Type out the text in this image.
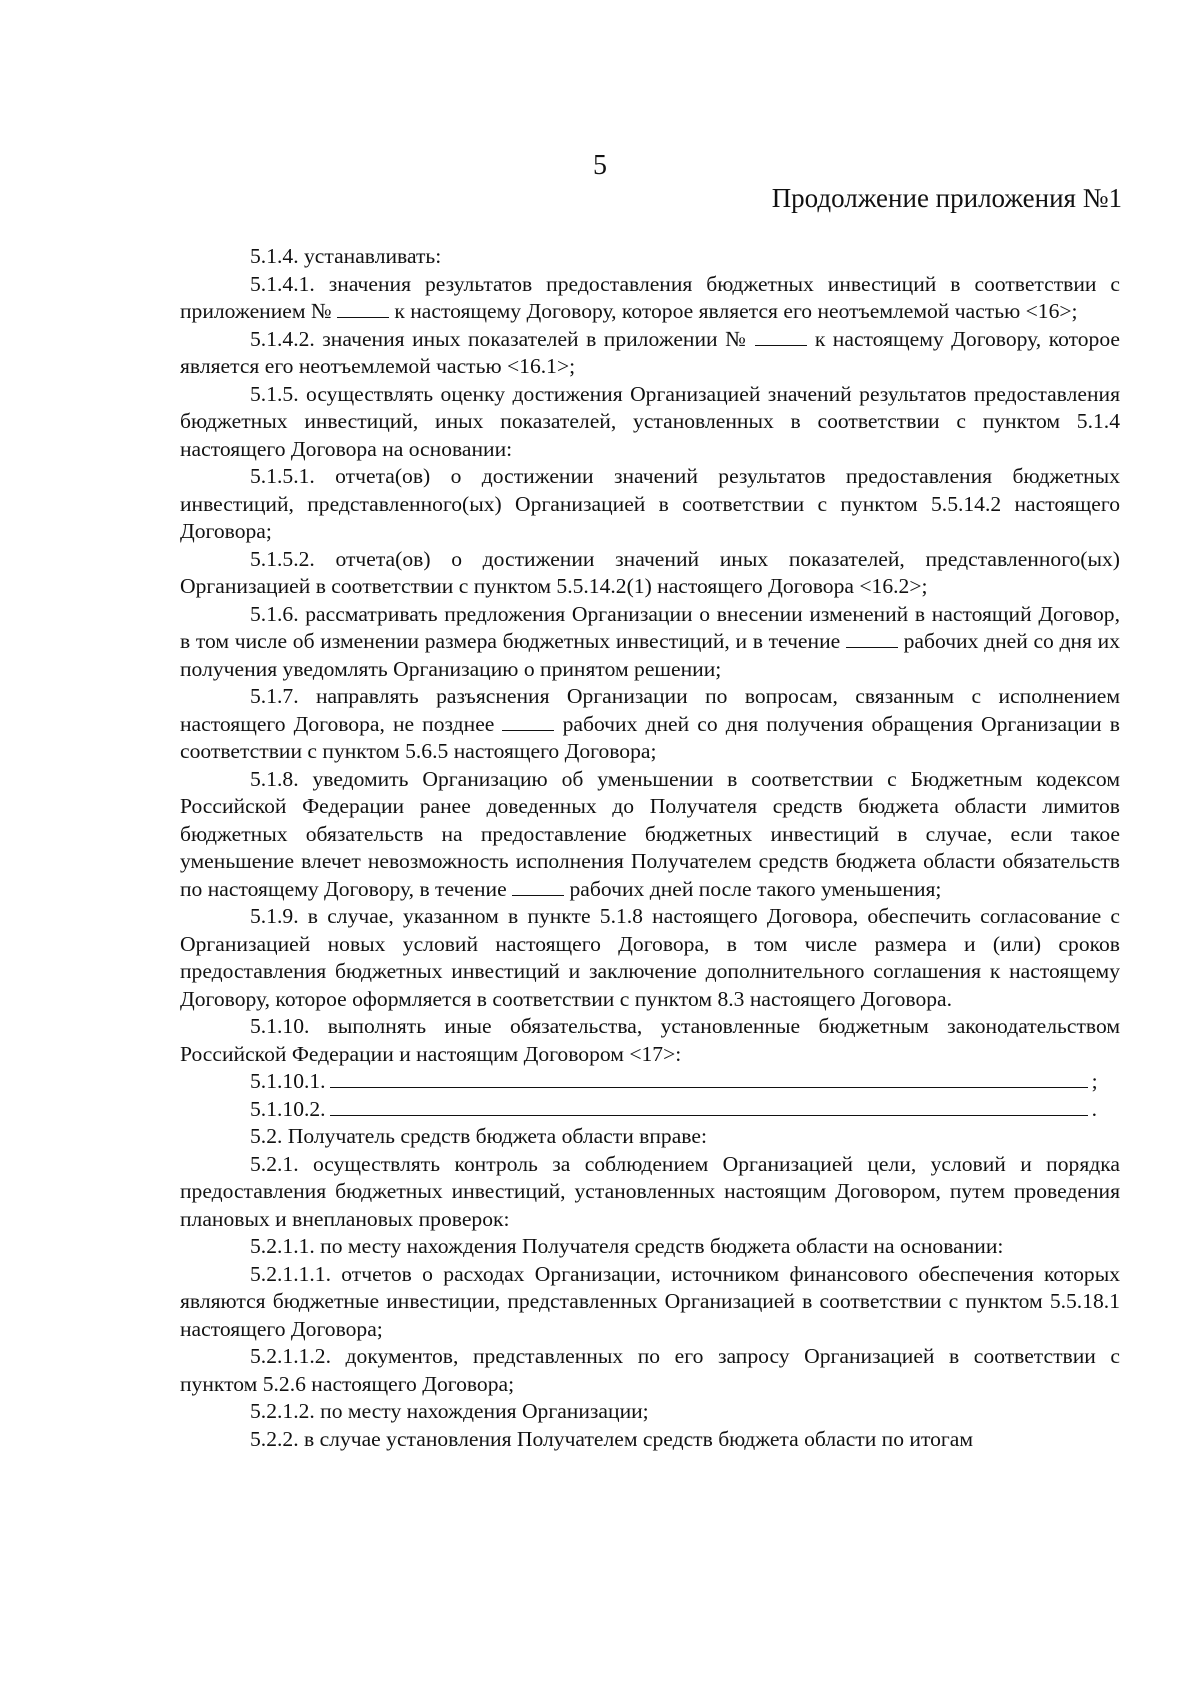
5
Продолжение приложения №1

5.1.4. устанавливать:

5.1.4.1. значения результатов предоставления бюджетных инвестиций в соответствии с приложением №	к настоящему Договору, которое является его неотъемлемой частью <16>;

5.1.4.2. значения иных показателей в приложении №	к настоящему Договору, которое является его неотъемлемой частью <16.1>;

5.1.5. осуществлять оценку достижения Организацией значений результатов предоставления бюджетных инвестиций, иных показателей, установленных в соответствии с пунктом 5.1.4 настоящего Договора на основании:

5.1.5.1. отчета(ов) о достижении значений результатов предоставления бюджетных инвестиций, представленного(ых) Организацией в соответствии с пунктом 5.5.14.2 настоящего Договора;

5.1.5.2. отчета(ов) о достижении значений иных показателей, представленного(ых) Организацией в соответствии с пунктом 5.5.14.2(1) настоящего Договора <16.2>;

5.1.6. рассматривать предложения Организации о внесении изменений в настоящий Договор, в том числе об изменении размера бюджетных инвестиций, и в течение	рабочих дней со дня их получения уведомлять Организацию о принятом решении;

5.1.7. направлять разъяснения Организации по вопросам, связанным с исполнением настоящего Договора, не позднее	рабочих дней со дня получения обращения Организации в соответствии с пунктом 5.6.5 настоящего Договора;

5.1.8. уведомить Организацию об уменьшении в соответствии с Бюджетным кодексом Российской Федерации ранее доведенных до Получателя средств бюджета области лимитов бюджетных обязательств на предоставление бюджетных инвестиций в случае, если такое уменьшение влечет невозможность исполнения Получателем средств бюджета области обязательств по настоящему Договору, в течение	рабочих дней после такого уменьшения;

5.1.9. в случае, указанном в пункте 5.1.8 настоящего Договора, обеспечить согласование с Организацией новых условий настоящего Договора, в том числе размера и (или) сроков предоставления бюджетных инвестиций и заключение дополнительного соглашения к настоящему Договору, которое оформляется в соответствии с пунктом 8.3 настоящего Договора.

5.1.10. выполнять иные обязательства, установленные бюджетным законодательством Российской Федерации и настоящим Договором <17>:

5.1.10.1.	;

5.1.10.2.	.

5.2. Получатель средств бюджета области вправе:

5.2.1. осуществлять контроль за соблюдением Организацией цели, условий и порядка предоставления бюджетных инвестиций, установленных настоящим Договором, путем проведения плановых и внеплановых проверок:

5.2.1.1. по месту нахождения Получателя средств бюджета области на основании:

5.2.1.1.1. отчетов о расходах Организации, источником финансового обеспечения которых являются бюджетные инвестиции, представленных Организацией в соответствии с пунктом 5.5.18.1 настоящего Договора;

5.2.1.1.2. документов, представленных по его запросу Организацией в соответствии с пунктом 5.2.6 настоящего Договора;

5.2.1.2. по месту нахождения Организации;

5.2.2. в случае установления Получателем средств бюджета области по итогам
